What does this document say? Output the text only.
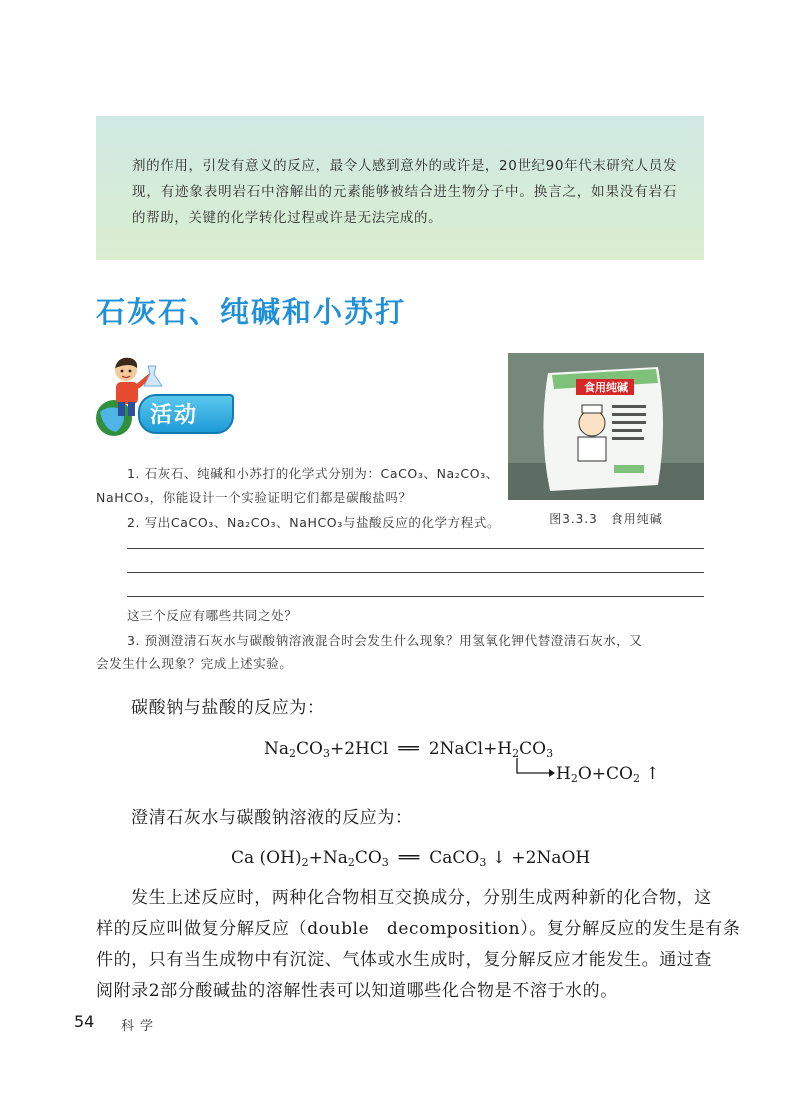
剂的作用，引发有意义的反应，最令人感到意外的或许是，20世纪90年代末研究人员发现，有迹象表明岩石中溶解出的元素能够被结合进生物分子中。换言之，如果没有岩石的帮助，关键的化学转化过程或许是无法完成的。
石灰石、纯碱和小苏打
活动
食用纯碱
图3.3.3　食用纯碱
1. 石灰石、纯碱和小苏打的化学式分别为：CaCO₃、Na₂CO₃、
NaHCO₃，你能设计一个实验证明它们都是碳酸盐吗？
2. 写出CaCO₃、Na₂CO₃、NaHCO₃与盐酸反应的化学方程式。
这三个反应有哪些共同之处？
3. 预测澄清石灰水与碳酸钠溶液混合时会发生什么现象？用氢氧化钾代替澄清石灰水，又
会发生什么现象？完成上述实验。
碳酸钠与盐酸的反应为：
$Na_2CO_3+2HCl$ ══ $2NaCl+H_2CO_3$
$H_2O+CO_2$ ↑
澄清石灰水与碳酸钠溶液的反应为：
Ca $(OH)_2+Na_2CO_3$ ══ CaCO$_3$ ↓ +2NaOH
发生上述反应时，两种化合物相互交换成分，分别生成两种新的化合物，这
样的反应叫做复分解反应（double　decomposition）。复分解反应的发生是有条
件的，只有当生成物中有沉淀、气体或水生成时，复分解反应才能发生。通过查
阅附录2部分酸碱盐的溶解性表可以知道哪些化合物是不溶于水的。
54 科学
